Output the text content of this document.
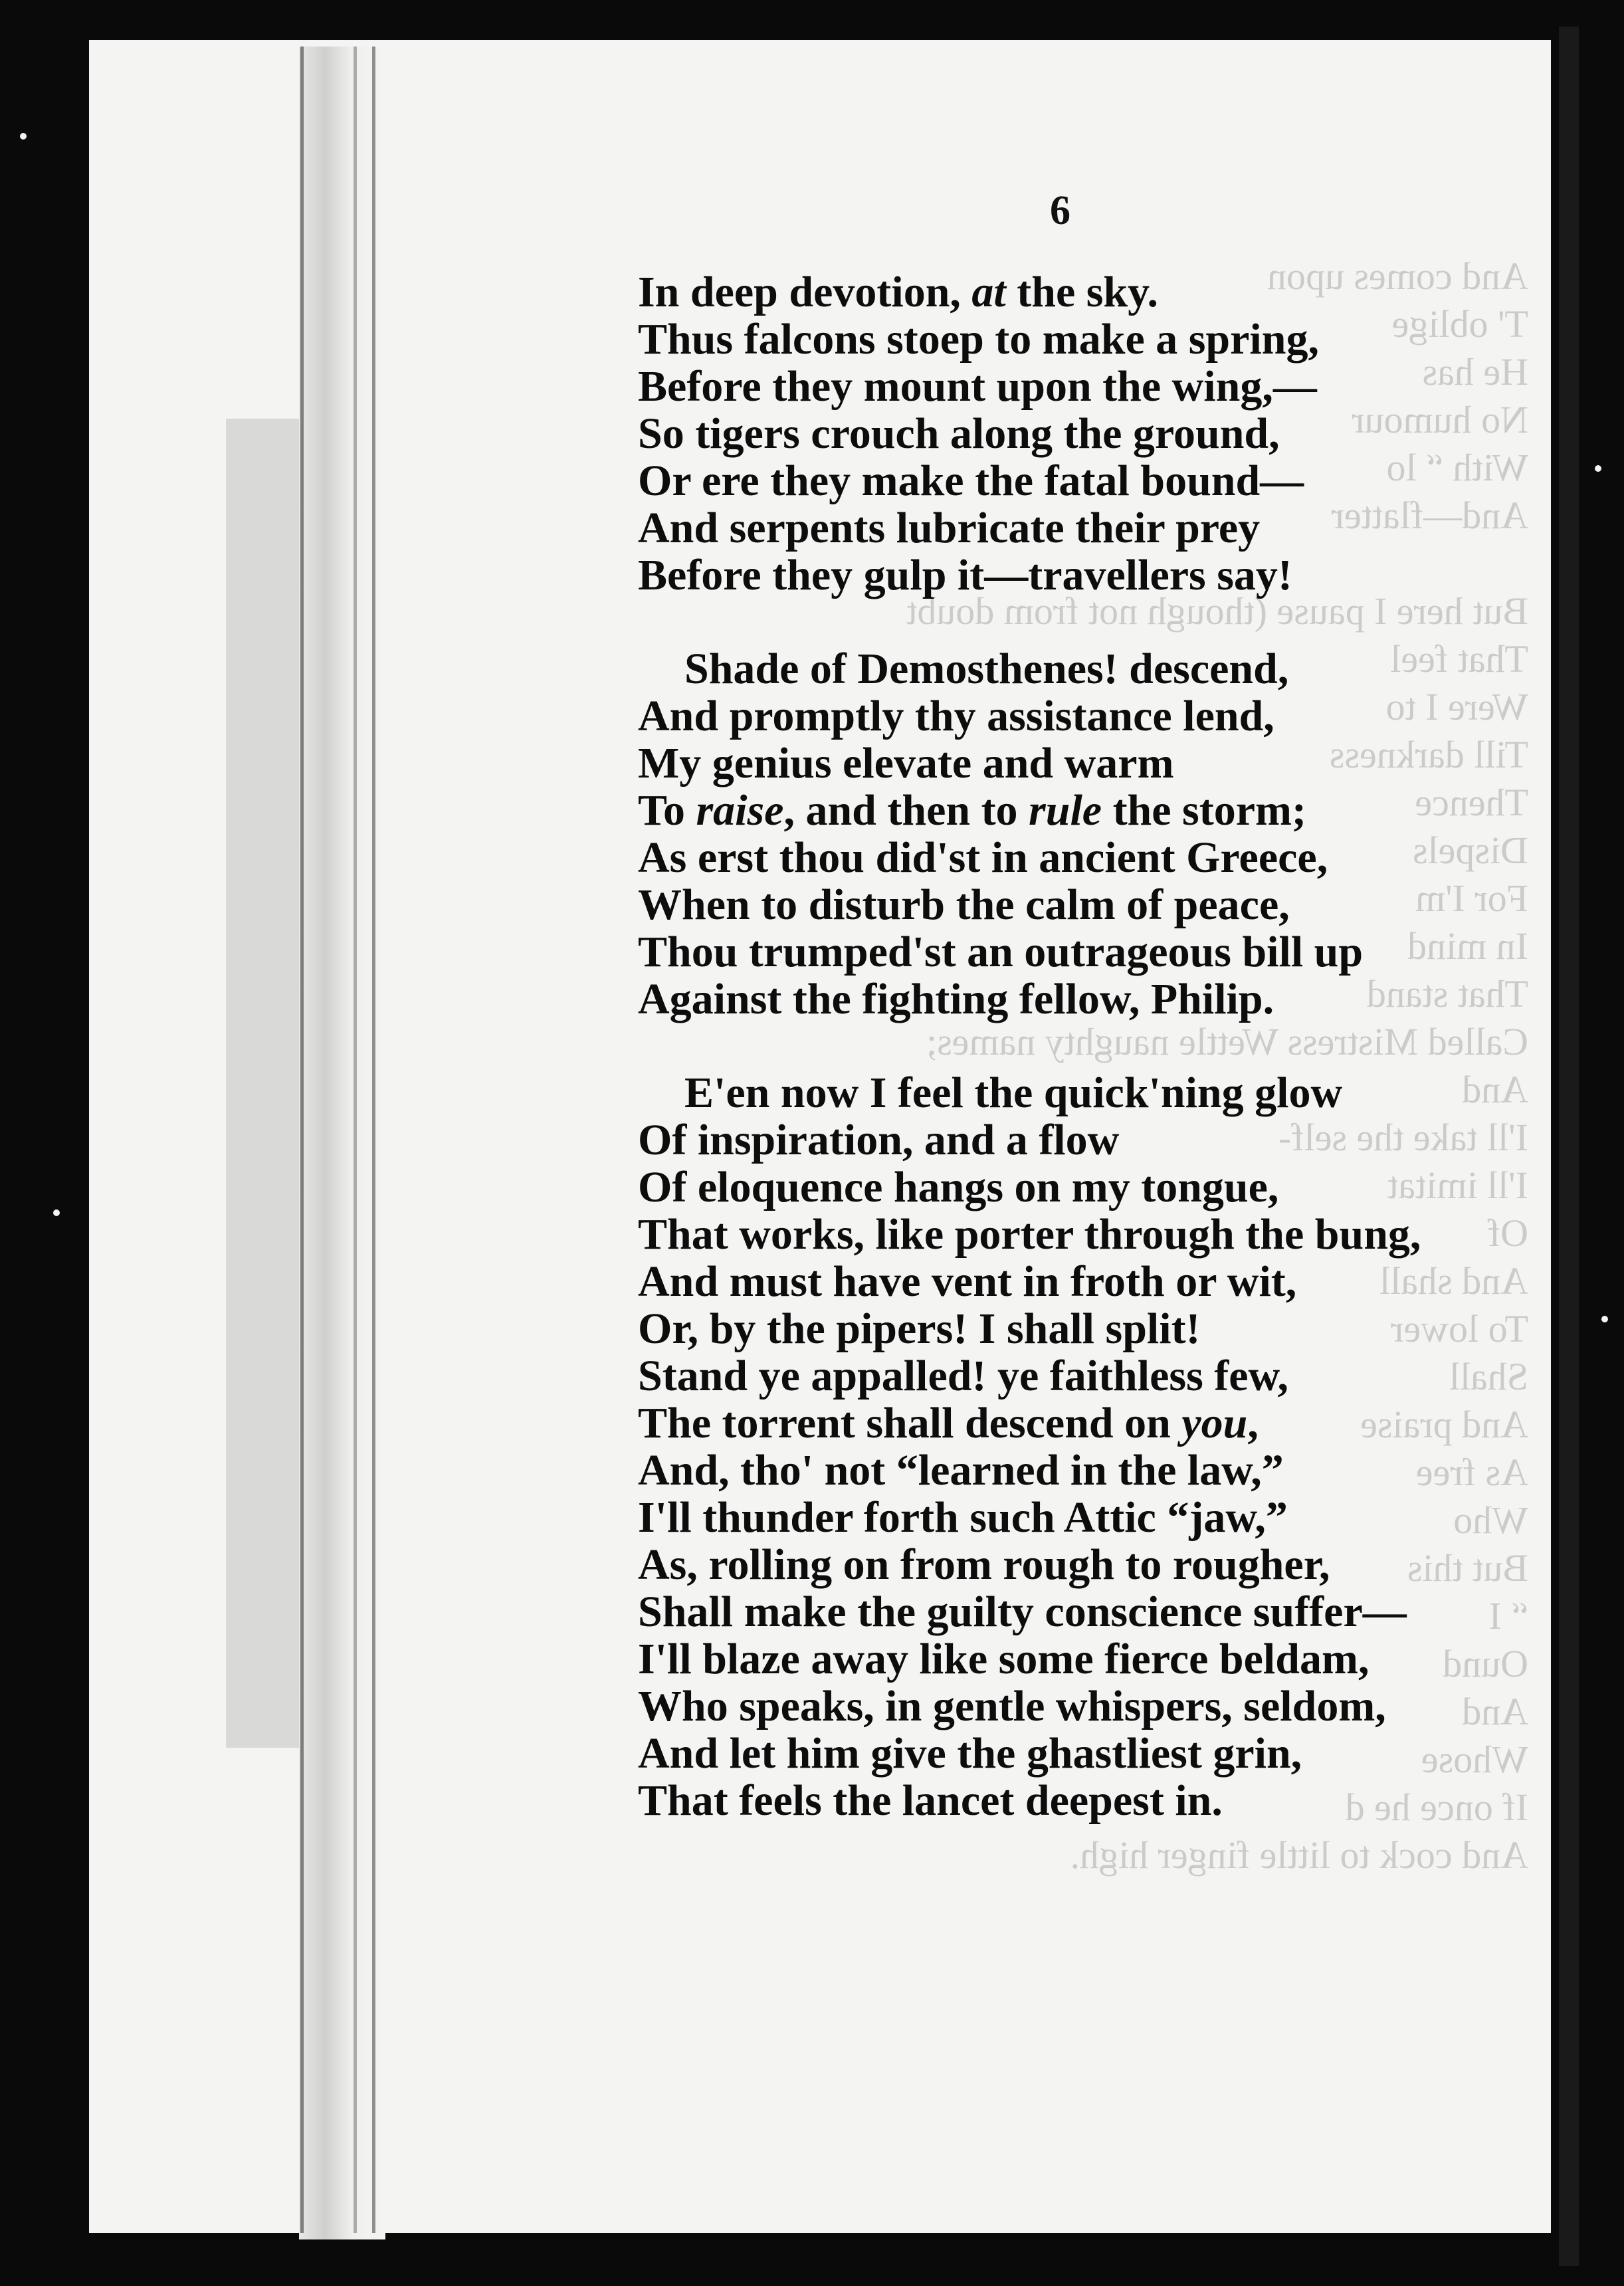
And comes upon
T' oblige
He has
No humour
With “ lo
And—flatter

But here I pause (though not from doubt
That feel
Were I to
Till darkness
Thence
Dispels
For I'm
In mind
That stand
Called Mistress Wettle naughty names;
And
I'll take the self-
I'll imitat
Of
And shall
To lower
Shall
And praise
As free
Who
But this
“ I
Ound
And
Whose
If once he d
And cock to little finger high.
6
In deep devotion, at the sky.
Thus falcons stoep to make a spring,
Before they mount upon the wing,—
So tigers crouch along the ground,
Or ere they make the fatal bound—
And serpents lubricate their prey
Before they gulp it—travellers say!
Shade of Demosthenes! descend,
And promptly thy assistance lend,
My genius elevate and warm
To raise, and then to rule the storm;
As erst thou did'st in ancient Greece,
When to disturb the calm of peace,
Thou trumped'st an outrageous bill up
Against the fighting fellow, Philip.
E'en now I feel the quick'ning glow
Of inspiration, and a flow
Of eloquence hangs on my tongue,
That works, like porter through the bung,
And must have vent in froth or wit,
Or, by the pipers! I shall split!
Stand ye appalled! ye faithless few,
The torrent shall descend on you,
And, tho' not “learned in the law,”
I'll thunder forth such Attic “jaw,”
As, rolling on from rough to rougher,
Shall make the guilty conscience suffer—
I'll blaze away like some fierce beldam,
Who speaks, in gentle whispers, seldom,
And let him give the ghastliest grin,
That feels the lancet deepest in.
